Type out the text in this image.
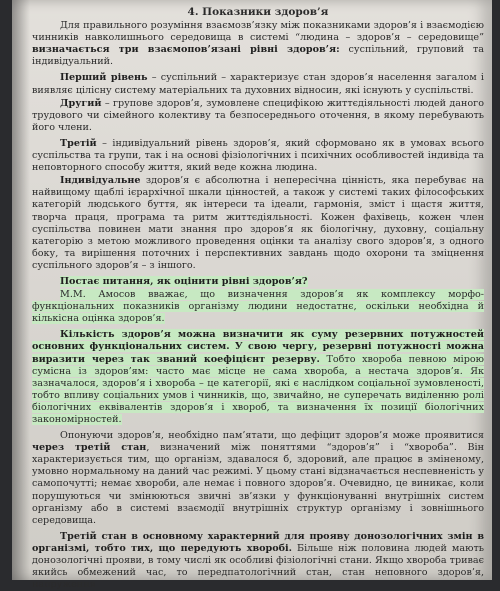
4. Показники здоров’я

Для правильного розуміння взаємозв’язку між показниками здоров’я і взаємодією чинників навколишнього середовища в системі “людина – здоров’я – середовище” визначається три взаємопов’язані рівні здоров’я: суспільний, груповий та індивідуальний.

Перший рівень – суспільний – характеризує стан здоров’я населення загалом і виявляє цілісну систему матеріальних та духовних відносин, які існують у суспільстві.

Другий – групове здоров’я, зумовлене специфікою життєдіяльності людей даного трудового чи сімейного колективу та безпосереднього оточення, в якому перебувають його члени.

Третій – індивідуальний рівень здоров’я, який сформовано як в умовах всього суспільства та групи, так і на основі фізіологічних і психічних особливостей індивіда та неповторного способу життя, який веде кожна людина.

Індивідуальне здоров’я є абсолютна і непересічна цінність, яка перебуває на найвищому щаблі ієрархічної шкали цінностей, а також у системі таких філософських категорій людського буття, як інтереси та ідеали, гармонія, зміст і щастя життя, творча праця, програма та ритм життєдіяльності. Кожен фахівець, кожен член суспільства повинен мати знання про здоров’я як біологічну, духовну, соціальну категорію з метою можливого проведення оцінки та аналізу свого здоров’я, з одного боку, та вирішення поточних і перспективних завдань щодо охорони та зміцнення суспільного здоров’я – з іншого.

Постає питання, як оцінити рівні здоров’я?

М.М. Амосов вважає, що визначення здоров’я як комплексу морфо-функціональних показників організму людини недостатнє, оскільки необхідна й кількісна оцінка здоров’я.

Кількість здоров’я можна визначити як суму резервних потужностей основних функціональних систем. У свою чергу, резервні потужності можна виразити через так званий коефіцієнт резерву. Тобто хвороба певною мірою сумісна із здоров’ям: часто має місце не сама хвороба, а нестача здоров’я. Як зазначалося, здоров’я і хвороба – це категорії, які є наслідком соціальної зумовленості, тобто впливу соціальних умов і чинників, що, звичайно, не суперечать виділенню ролі біологічних еквівалентів здоров’я і хвороб, та визначення їх позиції біологічних закономірностей.

Опонуючи здоров’я, необхідно пам’ятати, що дефіцит здоров’я може проявитися через третій стан, визначений між поняттями “здоров’я” і “хвороба”. Він характеризується тим, що організм, здавалося б, здоровий, але працює в зміненому, умовно нормальному на даний час режимі. У цьому стані відзначається неспевненість у самопочутті; немає хвороби, але немає і повного здоров’я. Очевидно, це виникає, коли порушуються чи змінюються звичні зв’язки у функціонуванні внутрішніх систем організму або в системі взаємодії внутрішніх структур організму і зовнішнього середовища.

Третій стан в основному характерний для прояву донозологічних змін в організмі, тобто тих, що передують хворобі. Більше ніж половина людей мають донозологічні прояви, в тому числі як особливі фізіологічні стани. Якщо хвороба триває якийсь обмежений час, то передпатологічний стан, стан неповного здоров’я, напруження
